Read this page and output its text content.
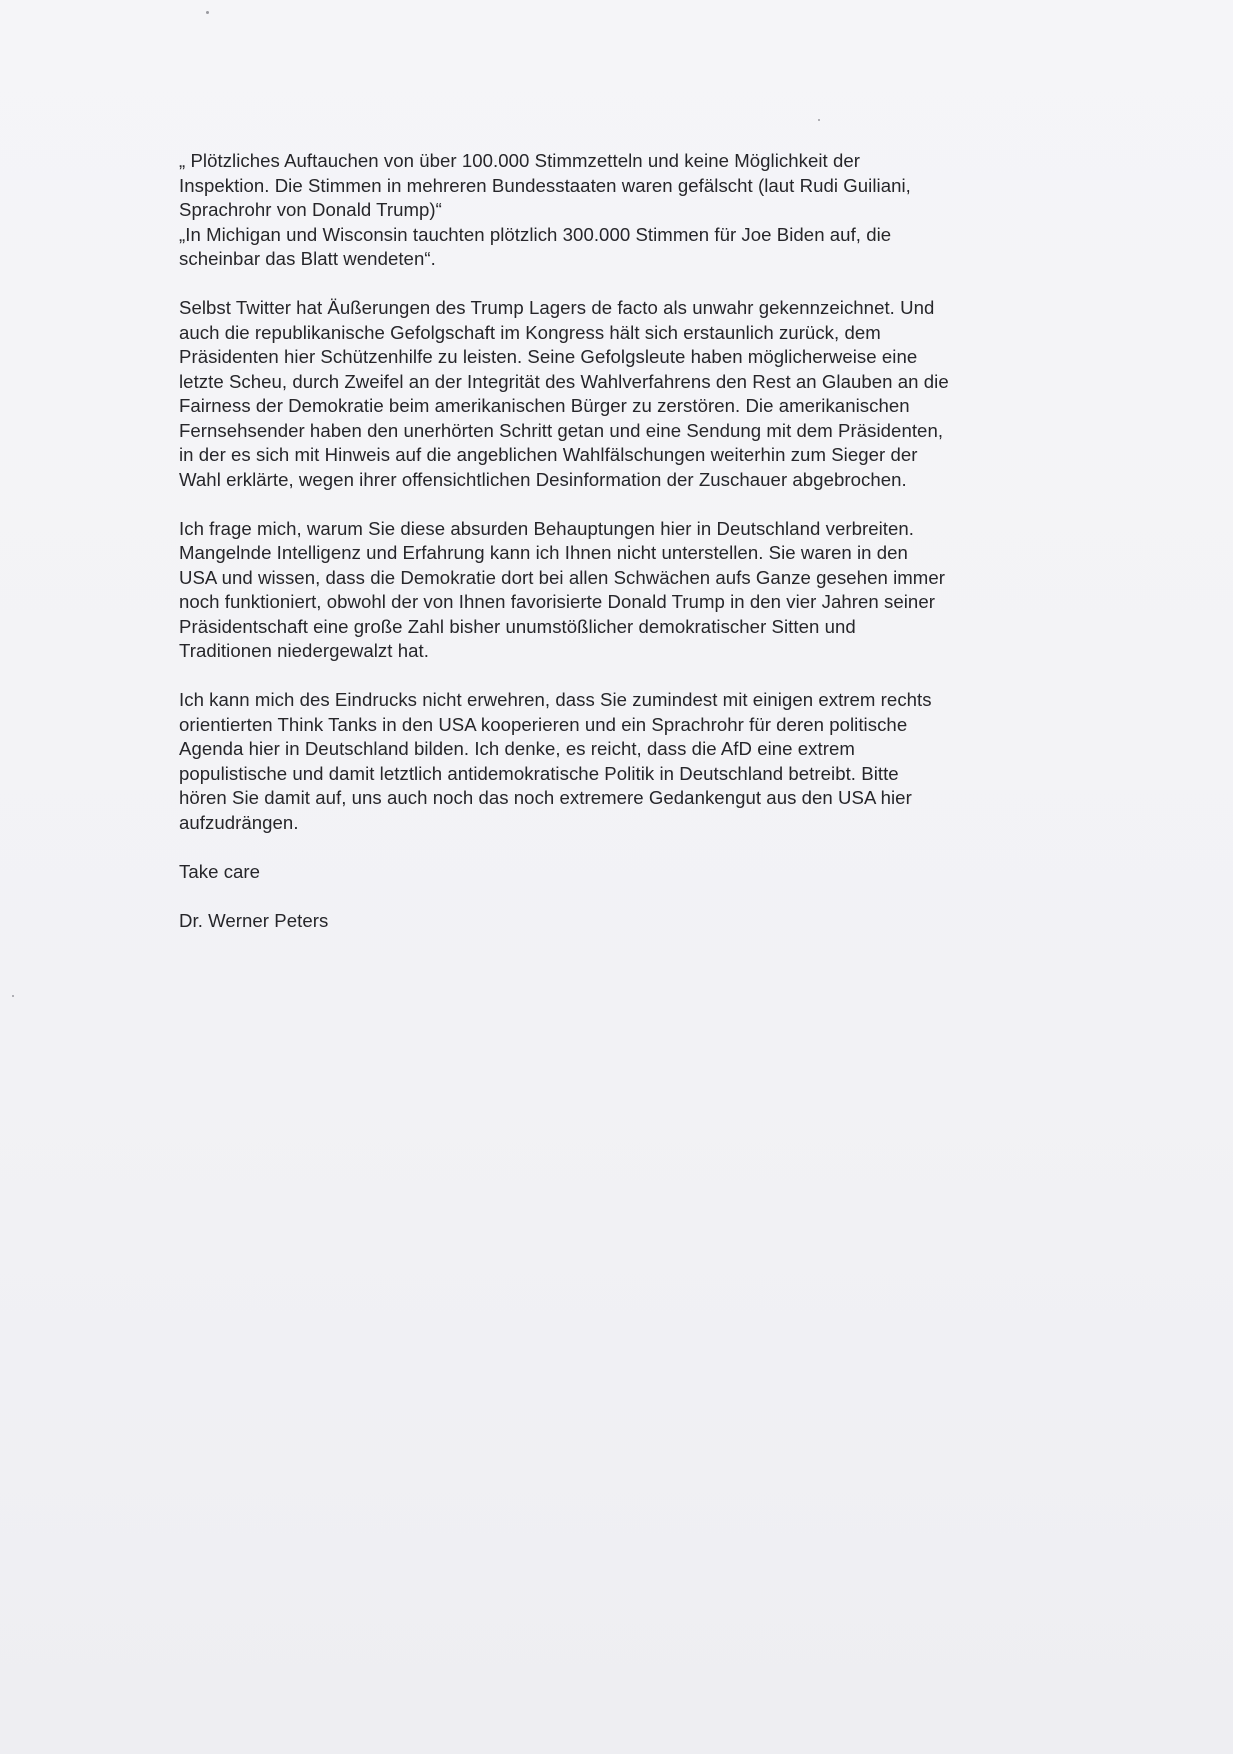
„ Plötzliches Auftauchen von über 100.000 Stimmzetteln und keine Möglichkeit der
Inspektion. Die Stimmen in mehreren Bundesstaaten waren gefälscht (laut Rudi Guiliani,
Sprachrohr von Donald Trump)“
„In Michigan und Wisconsin tauchten plötzlich 300.000 Stimmen für Joe Biden auf, die
scheinbar das Blatt wendeten“.

Selbst Twitter hat Äußerungen des Trump Lagers de facto als unwahr gekennzeichnet. Und
auch die republikanische Gefolgschaft im Kongress hält sich erstaunlich zurück, dem
Präsidenten hier Schützenhilfe zu leisten. Seine Gefolgsleute haben möglicherweise eine
letzte Scheu, durch Zweifel an der Integrität des Wahlverfahrens den Rest an Glauben an die
Fairness der Demokratie beim amerikanischen Bürger zu zerstören. Die amerikanischen
Fernsehsender haben den unerhörten Schritt getan und eine Sendung mit dem Präsidenten,
in der es sich mit Hinweis auf die angeblichen Wahlfälschungen weiterhin zum Sieger der
Wahl erklärte, wegen ihrer offensichtlichen Desinformation der Zuschauer abgebrochen.

Ich frage mich, warum Sie diese absurden Behauptungen hier in Deutschland verbreiten.
Mangelnde Intelligenz und Erfahrung kann ich Ihnen nicht unterstellen. Sie waren in den
USA und wissen, dass die Demokratie dort bei allen Schwächen aufs Ganze gesehen immer
noch funktioniert, obwohl der von Ihnen favorisierte Donald Trump in den vier Jahren seiner
Präsidentschaft eine große Zahl bisher unumstößlicher demokratischer Sitten und
Traditionen niedergewalzt hat.

Ich kann mich des Eindrucks nicht erwehren, dass Sie zumindest mit einigen extrem rechts
orientierten Think Tanks in den USA kooperieren und ein Sprachrohr für deren politische
Agenda hier in Deutschland bilden. Ich denke, es reicht, dass die AfD eine extrem
populistische und damit letztlich antidemokratische Politik in Deutschland betreibt. Bitte
hören Sie damit auf, uns auch noch das noch extremere Gedankengut aus den USA hier
aufzudrängen.

Take care

Dr. Werner Peters
